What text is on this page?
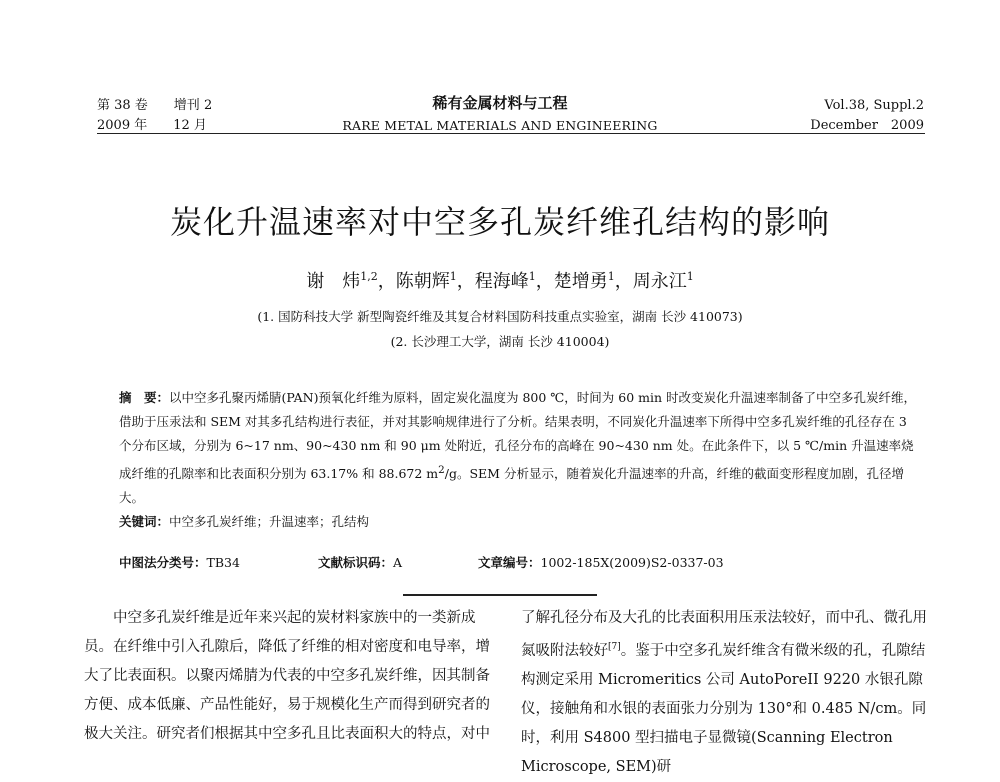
第 38 卷　　增刊 2
2009 年　　12 月
稀有金属材料与工程
RARE METAL MATERIALS AND ENGINEERING
Vol.38, Suppl.2
December　2009
炭化升温速率对中空多孔炭纤维孔结构的影响
谢　炜$^{1,2}$，陈朝辉$^1$，程海峰$^1$，楚增勇$^1$，周永江$^1$
(1. 国防科技大学 新型陶瓷纤维及其复合材料国防科技重点实验室，湖南 长沙 410073)
(2. 长沙理工大学，湖南 长沙 410004)

摘　要：以中空多孔聚丙烯腈(PAN)预氧化纤维为原料，固定炭化温度为 800 ℃，时间为 60 min 时改变炭化升温速率制备了中空多孔炭纤维，借助于压汞法和 SEM 对其多孔结构进行表征，并对其影响规律进行了分析。结果表明，不同炭化升温速率下所得中空多孔炭纤维的孔径存在 3 个分布区域，分别为 6~17 nm、90~430 nm 和 90 μm 处附近，孔径分布的高峰在 90~430 nm 处。在此条件下，以 5 ℃/min 升温速率烧成纤维的孔隙率和比表面积分别为 63.17% 和 88.672 $m^2/g$。SEM 分析显示，随着炭化升温速率的升高，纤维的截面变形程度加剧，孔径增大。

关键词：中空多孔炭纤维；升温速率；孔结构

中图法分类号：TB34	文献标识码：A	文章编号：1002-185X(2009)S2-0337-03

中空多孔炭纤维是近年来兴起的炭材料家族中的一类新成员。在纤维中引入孔隙后，降低了纤维的相对密度和电导率，增大了比表面积。以聚丙烯腈为代表的中空多孔炭纤维，因其制备方便、成本低廉、产品性能好，易于规模化生产而得到研究者的极大关注。研究者们根据其中空多孔且比表面积大的特点，对中

了解孔径分布及大孔的比表面积用压汞法较好，而中孔、微孔用氮吸附法较好[7]。鉴于中空多孔炭纤维含有微米级的孔，孔隙结构测定采用 Micromeritics 公司 AutoPoreII 9220 水银孔隙仪，接触角和水银的表面张力分别为 130°和 0.485 N/cm。同时，利用 S4800 型扫描电子显微镜(Scanning Electron Microscope, SEM)研
